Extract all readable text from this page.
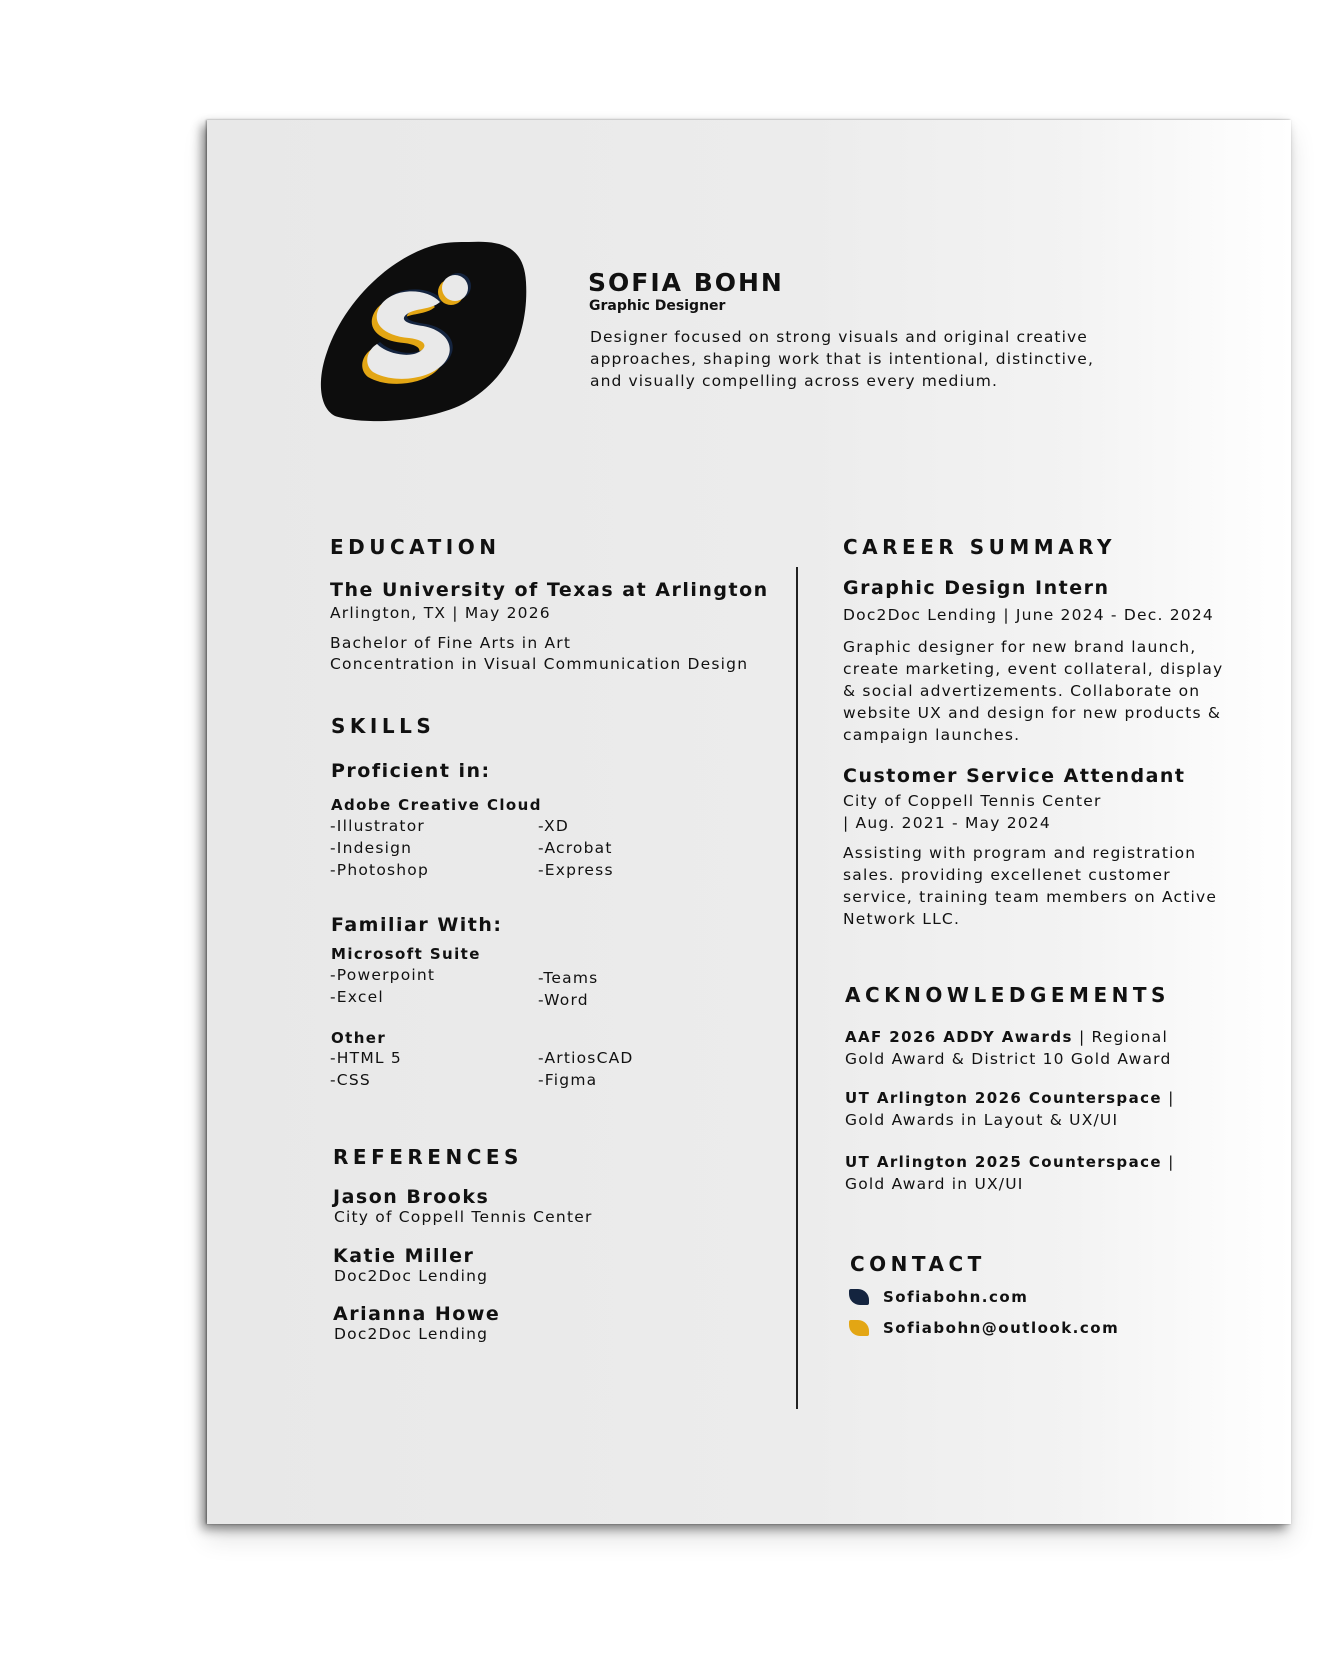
SOFIA BOHN
Graphic Designer
Designer focused on strong visuals and original creative
approaches, shaping work that is intentional, distinctive,
and visually compelling across every medium.
EDUCATION
The University of Texas at Arlington
Arlington, TX | May 2026
Bachelor of Fine Arts in Art
Concentration in Visual Communication Design
SKILLS
Proficient in:
Adobe Creative Cloud
-Illustrator
-Indesign
-Photoshop
-XD
-Acrobat
-Express
Familiar With:
Microsoft Suite
-Powerpoint
-Excel
-Teams
-Word
Other
-HTML 5
-CSS
-ArtiosCAD
-Figma
REFERENCES
Jason Brooks
City of Coppell Tennis Center
Katie Miller
Doc2Doc Lending
Arianna Howe
Doc2Doc Lending
CAREER SUMMARY
Graphic Design Intern
Doc2Doc Lending | June 2024 - Dec. 2024
Graphic designer for new brand launch,
create marketing, event collateral, display
& social advertizements. Collaborate on
website UX and design for new products &
campaign launches.
Customer Service Attendant
City of Coppell Tennis Center
| Aug. 2021 - May 2024
Assisting with program and registration
sales. providing excellenet customer
service, training team members on Active
Network LLC.
ACKNOWLEDGEMENTS
AAF 2026 ADDY Awards | Regional
Gold Award & District 10 Gold Award
UT Arlington 2026 Counterspace |
Gold Awards in Layout & UX/UI
UT Arlington 2025 Counterspace |
Gold Award in UX/UI
CONTACT
Sofiabohn.com
Sofiabohn@outlook.com
